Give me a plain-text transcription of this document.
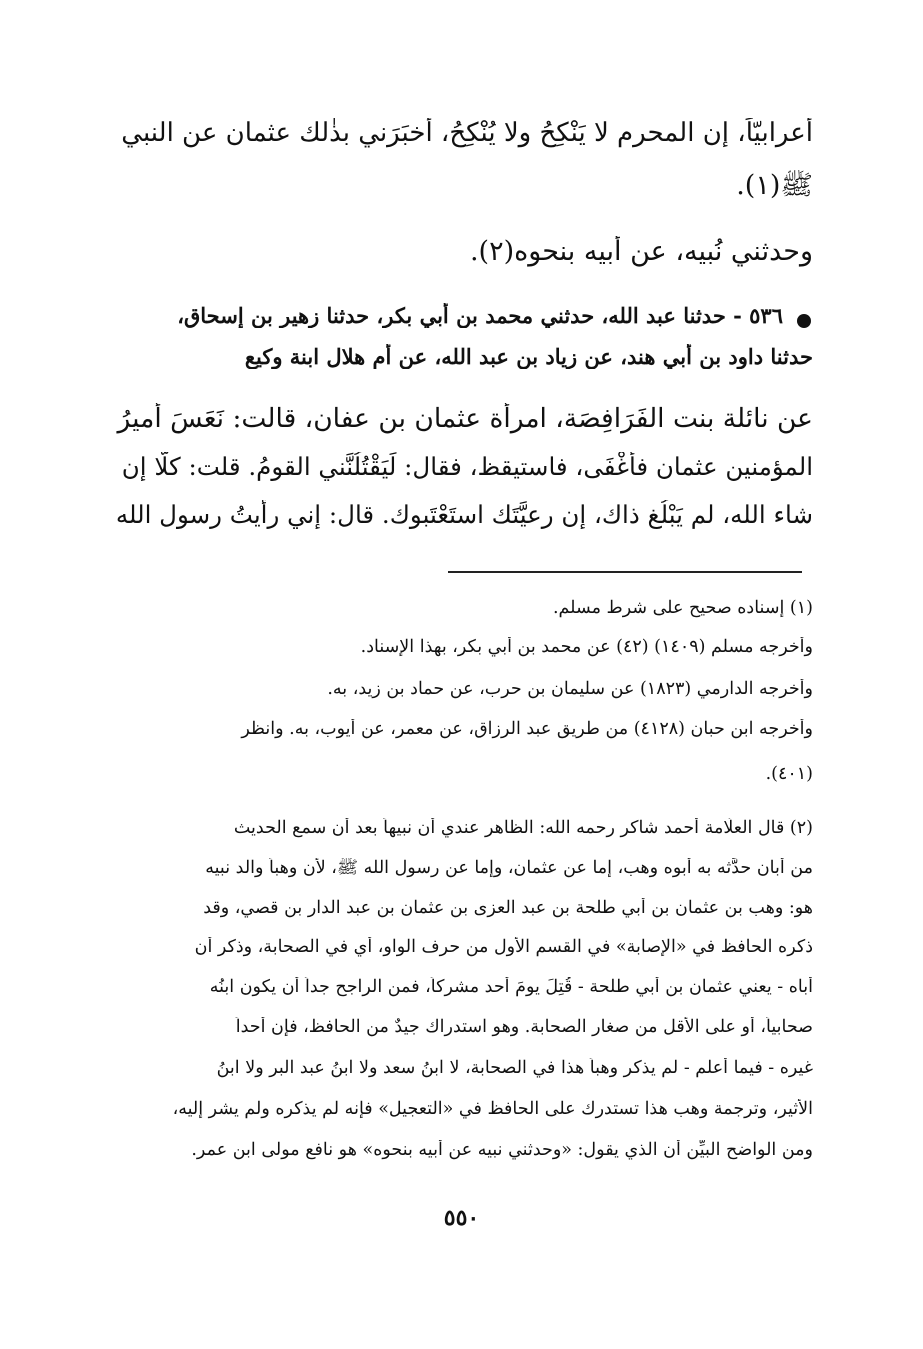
أعرابيّاً، إن المحرم لا يَنْكِحُ ولا يُنْكِحُ، أَخبَرَني بذٰلك عثمان عن النبي
ﷺ(١).
وحدثني نُبيه، عن أَبيه بنحوه(٢).
٥٣٦ - حدثنا عبد الله، حدثني محمد بن أَبي بكر، حدثنا زهير بن إِسحاق،
حدثنا داود بن أَبي هند، عن زياد بن عبد الله، عن أُم هلال ابنة وكيع
عن نائلة بنت الفَرَافِصَة، امرأة عثمان بن عفان، قالت: نَعَسَ أَميرُ
المؤمنين عثمان فأَغْفَى، فاستيقظ، فقال: لَيَقْتُلُنَّني القومُ. قلت: كلَّا إن
شاء الله، لم يَبْلُغ ذاك، إن رعيَّتَك استَعْتَبوك. قال: إني رأَيتُ رسول الله
(١) إسناده صحيح على شرط مسلم.
وأخرجه مسلم (١٤٠٩) (٤٢) عن محمد بن أبي بكر، بهذا الإسناد.
وأخرجه الدارمي (١٨٢٣) عن سليمان بن حرب، عن حماد بن زيد، به.
وأخرجه ابن حبان (٤١٢٨) من طريق عبد الرزاق، عن معمر، عن أيوب، به. وانظر
(٤٠١).
(٢) قال العلّامة أحمد شاكر رحمه الله: الظاهر عندي أن نبيهاً بعد أن سمع الحديث
من أبان حدَّثه به أبوه وهب، إما عن عثمان، وإما عن رسول الله ﷺ، لأن وهباً والد نبيه
هو: وهب بن عثمان بن أبي طلحة بن عبد العزى بن عثمان بن عبد الدار بن قصي، وقد
ذكره الحافظ في «الإصابة» في القسم الأول من حرف الواو، أي في الصحابة، وذكر أن
أباه - يعني عثمان بن أبي طلحة - قُتِلَ يومَ أحد مشركاً، فمن الراجح جداً أن يكون ابنُه
صحابياً، أو على الأقل من صغار الصحابة. وهو استدراك جيدٌ من الحافظ، فإن أحداً
غيره - فيما أعلم - لم يذكر وهباً هذا في الصحابة، لا ابنُ سعد ولا ابنُ عبد البر ولا ابنُ
الأثير، وترجمة وهب هذا تستدرك على الحافظ في «التعجيل» فإنه لم يذكره ولم يشر إليه،
ومن الواضح البيِّن أن الذي يقول: «وحدثني نبيه عن أبيه بنحوه» هو نافع مولى ابن عمر.
٥٥٠
